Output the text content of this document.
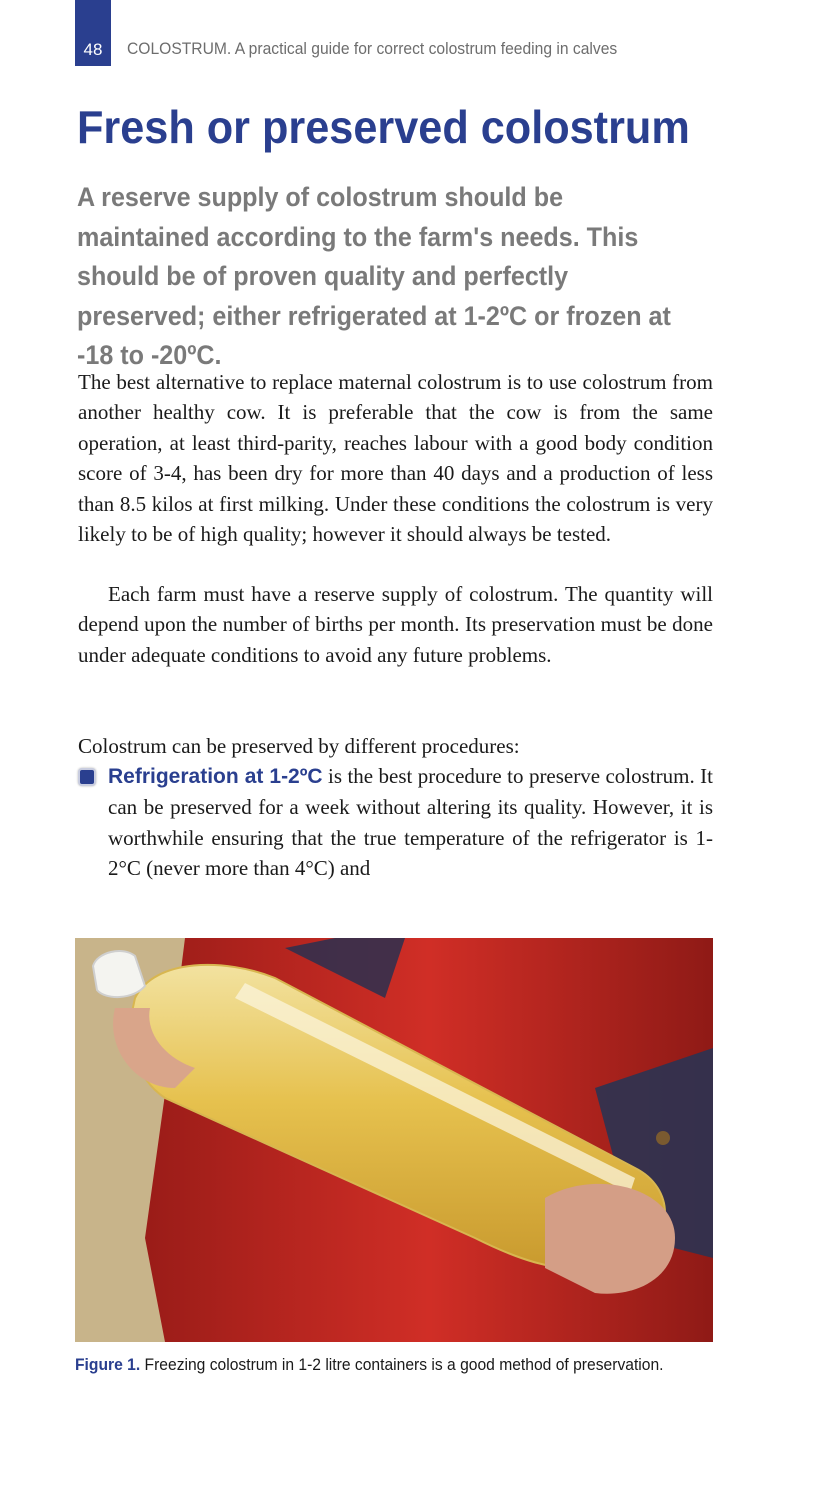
48 COLOSTRUM. A practical guide for correct colostrum feeding in calves
Fresh or preserved colostrum

A reserve supply of colostrum should be maintained according to the farm's needs. This should be of proven quality and perfectly preserved; either refrigerated at 1-2ºC or frozen at -18 to -20ºC.

The best alternative to replace maternal colostrum is to use colostrum from another healthy cow. It is preferable that the cow is from the same operation, at least third-parity, reaches labour with a good body condition score of 3-4, has been dry for more than 40 days and a production of less than 8.5 kilos at first milking. Under these conditions the colostrum is very likely to be of high quality; however it should always be tested.

Each farm must have a reserve supply of colostrum. The quantity will depend upon the number of births per month. Its preservation must be done under adequate conditions to avoid any future problems.

Colostrum can be preserved by different procedures:

Refrigeration at 1-2ºC is the best procedure to preserve colostrum. It can be preserved for a week without altering its quality. However, it is worthwhile ensuring that the true temperature of the refrigerator is 1-2°C (never more than 4°C) and

Figure 1. Freezing colostrum in 1-2 litre containers is a good method of preservation.
